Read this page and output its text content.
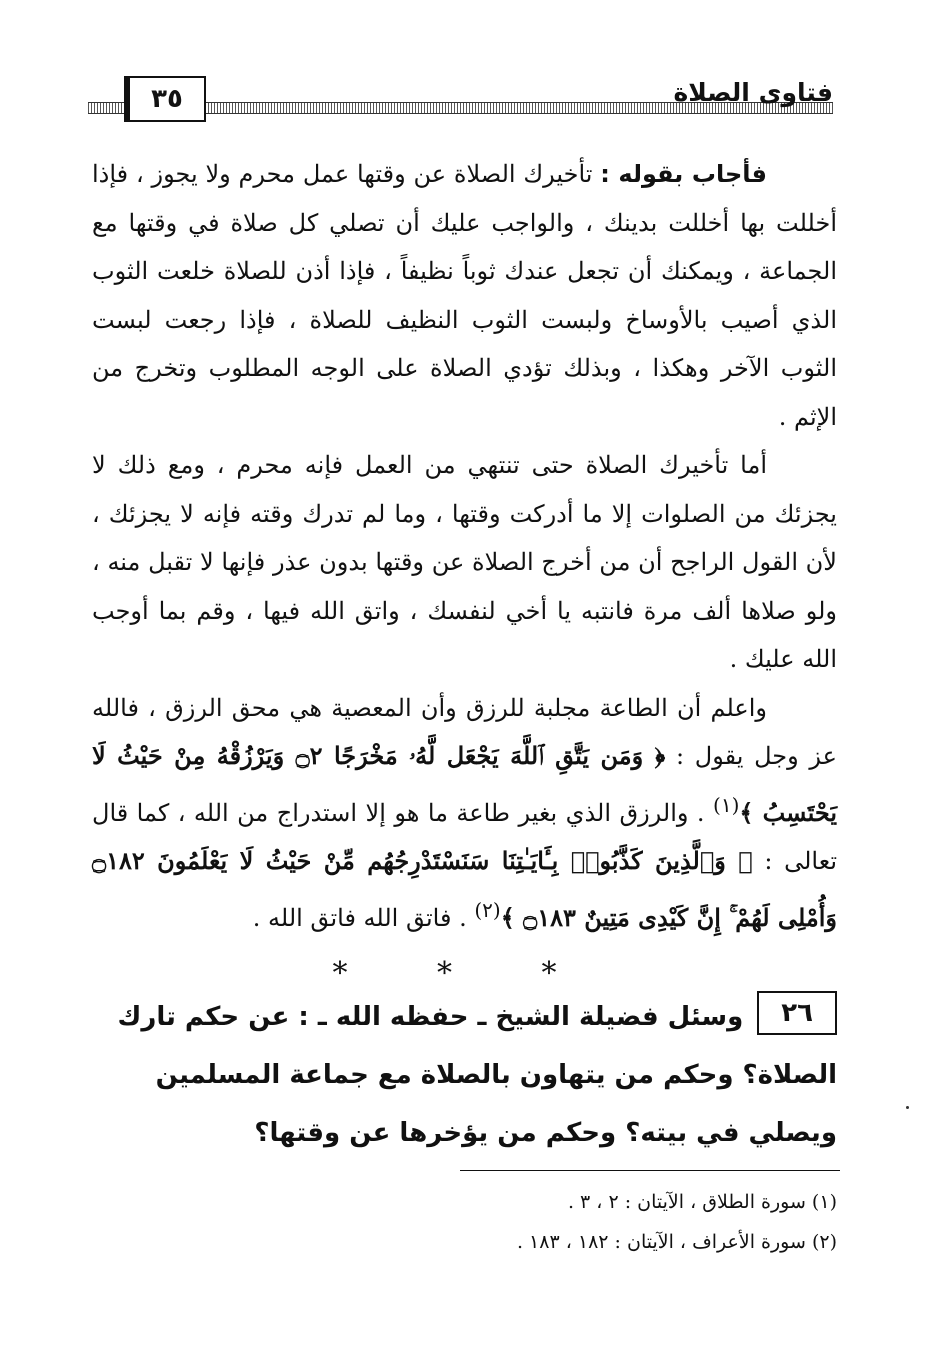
٣٥	فتاوى الصلاة

فأجاب بقوله : تأخيرك الصلاة عن وقتها عمل محرم ولا يجوز ، فإذا أخللت بها أخللت بدينك ، والواجب عليك أن تصلي كل صلاة في وقتها مع الجماعة ، ويمكنك أن تجعل عندك ثوباً نظيفاً ، فإذا أذن للصلاة خلعت الثوب الذي أصيب بالأوساخ ولبست الثوب النظيف للصلاة ، فإذا رجعت لبست الثوب الآخر وهكذا ، وبذلك تؤدي الصلاة على الوجه المطلوب وتخرج من الإثم .

أما تأخيرك الصلاة حتى تنتهي من العمل فإنه محرم ، ومع ذلك لا يجزئك من الصلوات إلا ما أدركت وقتها ، وما لم تدرك وقته فإنه لا يجزئك ، لأن القول الراجح أن من أخرج الصلاة عن وقتها بدون عذر فإنها لا تقبل منه ، ولو صلاها ألف مرة فانتبه يا أخي لنفسك ، واتق الله فيها ، وقم بما أوجب الله عليك .

واعلم أن الطاعة مجلبة للرزق وأن المعصية هي محق الرزق ، فالله عز وجل يقول : ﴿ وَمَن يَتَّقِ ٱللَّهَ يَجْعَل لَّهُۥ مَخْرَجًا ۝٢ وَيَرْزُقْهُ مِنْ حَيْثُ لَا يَحْتَسِبُ ﴾$^{(١)}$ . والرزق الذي بغير طاعة ما هو إلا استدراج من الله ، كما قال تعالى : ﴿ وَٱلَّذِينَ كَذَّبُوا۟ بِـَٔايَـٰتِنَا سَنَسْتَدْرِجُهُم مِّنْ حَيْثُ لَا يَعْلَمُونَ ۝١٨٢ وَأُمْلِى لَهُمْ ۚ إِنَّ كَيْدِى مَتِينٌ ۝١٨٣ ﴾$^{(٢)}$ . فاتق الله فاتق الله .

* * *
٢٦وسئل فضيلة الشيخ ـ حفظه الله ـ : عن حكم تارك الصلاة؟ وحكم من يتهاون بالصلاة مع جماعة المسلمين ويصلي في بيته؟ وحكم من يؤخرها عن وقتها؟
(١) سورة الطلاق ، الآيتان : ٢ ، ٣ .
(٢) سورة الأعراف ، الآيتان : ١٨٢ ، ١٨٣ .
